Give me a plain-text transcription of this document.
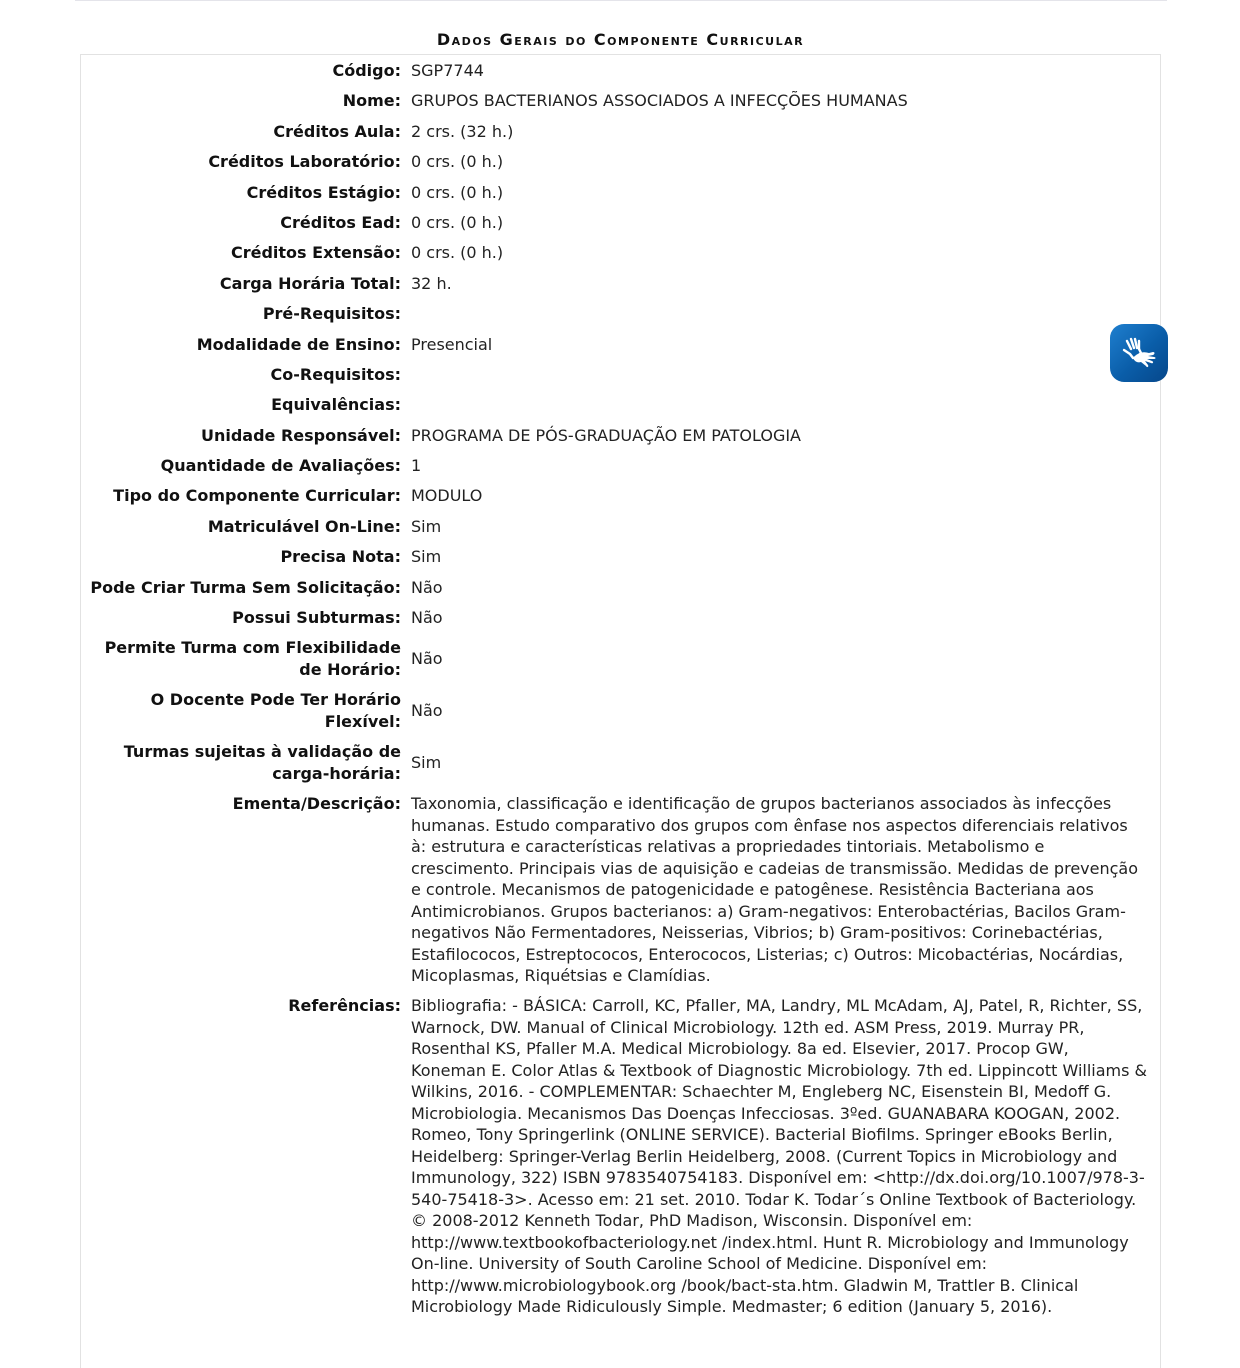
Dados Gerais do Componente Curricular
Código:	SGP7744
Nome:	GRUPOS BACTERIANOS ASSOCIADOS A INFECÇÕES HUMANAS
Créditos Aula:	2 crs. (32 h.)
Créditos Laboratório:	0 crs. (0 h.)
Créditos Estágio:	0 crs. (0 h.)
Créditos Ead:	0 crs. (0 h.)
Créditos Extensão:	0 crs. (0 h.)
Carga Horária Total:	32 h.
Pré-Requisitos:	
Modalidade de Ensino:	Presencial
Co-Requisitos:	
Equivalências:	
Unidade Responsável:	PROGRAMA DE PÓS-GRADUAÇÃO EM PATOLOGIA
Quantidade de Avaliações:	1
Tipo do Componente Curricular:	MODULO
Matriculável On-Line:	Sim
Precisa Nota:	Sim
Pode Criar Turma Sem Solicitação:	Não
Possui Subturmas:	Não
Permite Turma com Flexibilidade de Horário:	Não
O Docente Pode Ter Horário Flexível:	Não
Turmas sujeitas à validação de carga-horária:	Sim
Ementa/Descrição:	Taxonomia, classificação e identificação de grupos bacterianos associados às infecções humanas. Estudo comparativo dos grupos com ênfase nos aspectos diferenciais relativos à: estrutura e características relativas a propriedades tintoriais. Metabolismo e crescimento. Principais vias de aquisição e cadeias de transmissão. Medidas de prevenção e controle. Mecanismos de patogenicidade e patogênese. Resistência Bacteriana aos Antimicrobianos. Grupos bacterianos: a) Gram-negativos: Enterobactérias, Bacilos Gram-negativos Não Fermentadores, Neisserias, Vibrios; b) Gram-positivos: Corinebactérias, Estafilococos, Estreptococos, Enterococos, Listerias; c) Outros: Micobactérias, Nocárdias, Micoplasmas, Riquétsias e Clamídias.
Referências:	Bibliografia: - BÁSICA: Carroll, KC, Pfaller, MA, Landry, ML McAdam, AJ, Patel, R, Richter, SS, Warnock, DW. Manual of Clinical Microbiology. 12th ed. ASM Press, 2019. Murray PR, Rosenthal KS, Pfaller M.A. Medical Microbiology. 8a ed. Elsevier, 2017. Procop GW, Koneman E. Color Atlas & Textbook of Diagnostic Microbiology. 7th ed. Lippincott Williams & Wilkins, 2016. - COMPLEMENTAR: Schaechter M, Engleberg NC, Eisenstein BI, Medoff G. Microbiologia. Mecanismos Das Doenças Infecciosas. 3ºed. GUANABARA KOOGAN, 2002. Romeo, Tony Springerlink (ONLINE SERVICE). Bacterial Biofilms. Springer eBooks Berlin, Heidelberg: Springer-Verlag Berlin Heidelberg, 2008. (Current Topics in Microbiology and Immunology, 322) ISBN 9783540754183. Disponível em: <http://dx.doi.org/10.1007/978-3-540-75418-3>. Acesso em: 21 set. 2010. Todar K. Todar´s Online Textbook of Bacteriology. © 2008-2012 Kenneth Todar, PhD Madison, Wisconsin. Disponível em: http://www.textbookofbacteriology.net /index.html. Hunt R. Microbiology and Immunology On-line. University of South Caroline School of Medicine. Disponível em: http://www.microbiologybook.org /book/bact-sta.htm. Gladwin M, Trattler B. Clinical Microbiology Made Ridiculously Simple. Medmaster; 6 edition (January 5, 2016).
